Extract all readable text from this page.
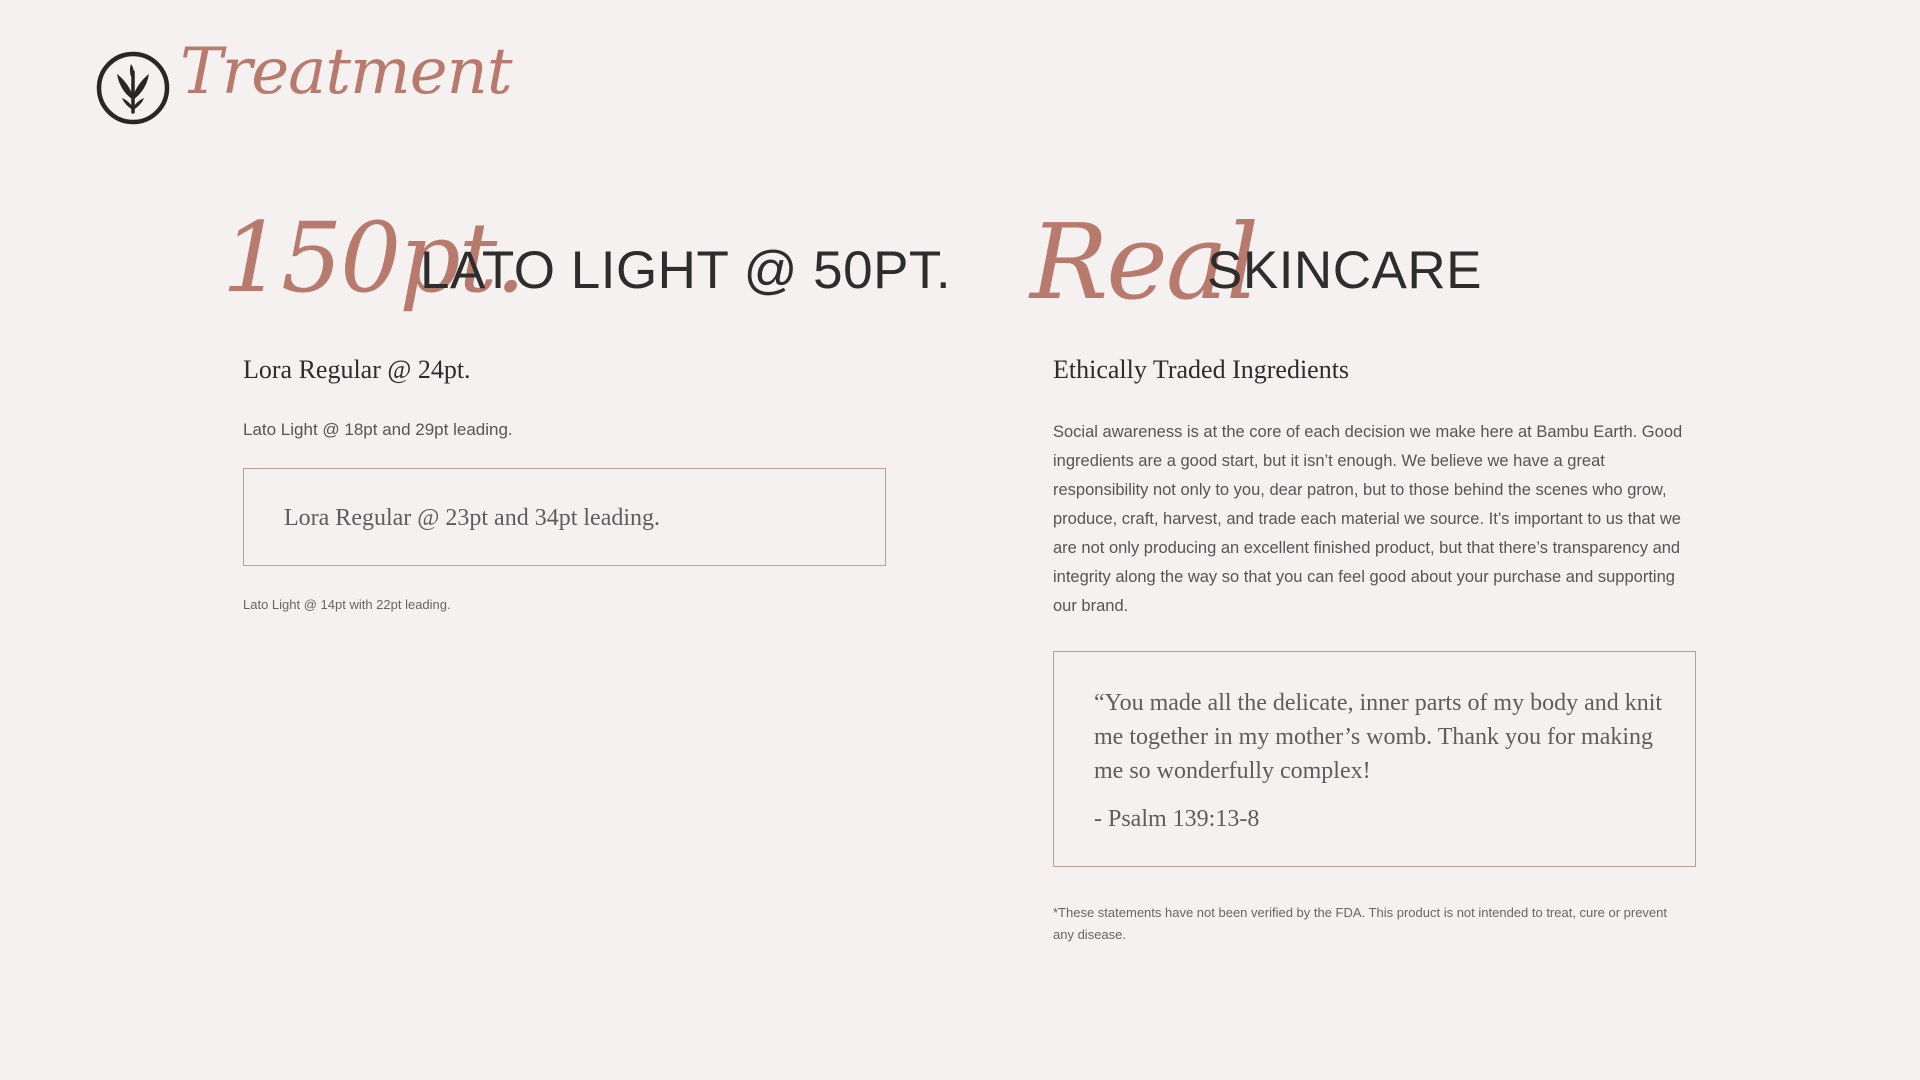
Treatment
150pt.
LATO LIGHT @ 50PT.
Lora Regular @ 24pt.
Lato Light @ 18pt and 29pt leading.
Lora Regular @ 23pt and 34pt leading.
Lato Light @ 14pt with 22pt leading.
Real
SKINCARE
Ethically Traded Ingredients
Social awareness is at the core of each decision we make here at Bambu Earth. Good ingredients are a good start, but it isn’t enough. We believe we have a great responsibility not only to you, dear patron, but to those behind the scenes who grow, produce, craft, harvest, and trade each material we source. It’s important to us that we are not only producing an excellent finished product, but that there’s transparency and integrity along the way so that you can feel good about your purchase and supporting our brand.
“You made all the delicate, inner parts of my body and knit me together in my mother’s womb. Thank you for making me so wonderfully complex!
- Psalm 139:13-8
*These statements have not been verified by the FDA. This product is not intended to treat, cure or prevent any disease.
